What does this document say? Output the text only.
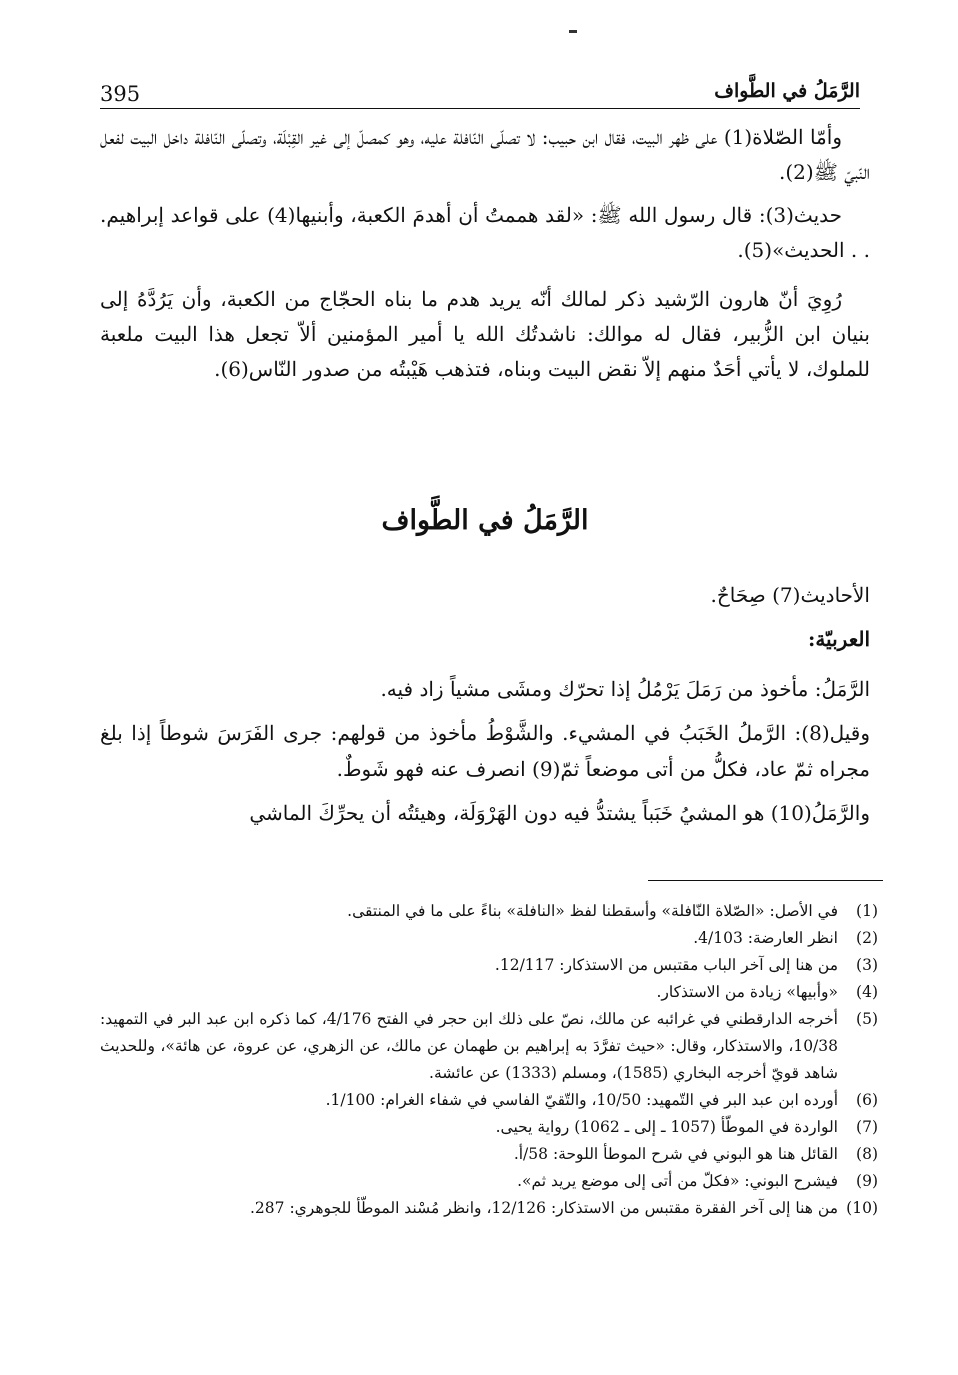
395	الرَّمَلُ في الطَّواف

وأمّا الصّلاة(1) على ظهر البيت، فقال ابن حبيب: لا تصلّى النّافلة عليه، وهو كمصلّ إلى غير القِبْلَة، وتصلّى النّافلة داخل البيت لفعل النّبيّ ﷺ(2).

حديث(3): قال رسول الله ﷺ: «لقد هممتُ أن أهدمَ الكعبة، وأبنيها(4) على قواعد إبراهيم. . . الحديث»(5).

رُوِيَ أنّ هارون الرّشيد ذكر لمالك أنّه يريد هدم ما بناه الحجّاج من الكعبة، وأن يَرُدَّهُ إلى بنيان ابن الزُّبير، فقال له موالك: ناشدتُك الله يا أمير المؤمنين ألاّ تجعل هذا البيت ملعبة للملوك، لا يأتي أحَدٌ منهم إلاّ نقض البيت وبناه، فتذهب هَيْبتُه من صدور النّاس(6).

الرَّمَلُ في الطَّواف

الأحاديث(7) صِحَاحٌ.

العربيّة:

الرَّمَلُ: مأخوذ من رَمَلَ يَرْمُلُ إذا تحرّك ومشَى مشياً زاد فيه.

وقيل(8): الرَّملُ الخَبَبُ في المشيء. والشَّوْطُ مأخوذ من قولهم: جرى الفَرَسَ شوطاً إذا بلغ مجراه ثمّ عاد، فكلُّ من أتى موضعاً ثمّ(9) انصرف عنه فهو شَوطٌ.

والرَّمَلُ(10) هو المشيُ خَبَباً يشتدُّ فيه دون الهَرْوَلَة، وهيئتُه أن يحرِّكَ الماشي

(1)
في الأصل: «الصّلاة النّافلة» وأسقطنا لفظ «النافلة» بناءً على ما في المنتقى.
(2)
انظر العارضة: 4/103.
(3)
من هنا إلى آخر الباب مقتبس من الاستذكار: 12/117.
(4)
«وأبيها» زيادة من الاستذكار.
(5)
أخرجه الدارقطني في غرائبه عن مالك، نصّ على ذلك ابن حجر في الفتح 4/176، كما ذكره ابن عبد البر في التمهيد: 10/38، والاستذكار، وقال: «حيث تفرَّدَ به إبراهيم بن طهمان عن مالك، عن الزهري، عن عروة، عن هائة»، وللحديث شاهد قويّ أخرجه البخاري (1585)، ومسلم (1333) عن عائشة.
(6)
أورده ابن عبد البر في التّمهيد: 10/50، والتّقيّ الفاسي في شفاء الغرام: 1/100.
(7)
الواردة في الموطّأ (1057 ـ إلى ـ 1062) رواية يحيى.
(8)
القائل هنا هو البوني في شرح الموطأ اللوحة: 58/أ.
(9)
فيشرح البوني: «فكلّ من أتى إلى موضع يريد ثم».
(10)
من هنا إلى آخر الفقرة مقتبس من الاستذكار: 12/126، وانظر مُسْند الموطّأ للجوهري: 287.
